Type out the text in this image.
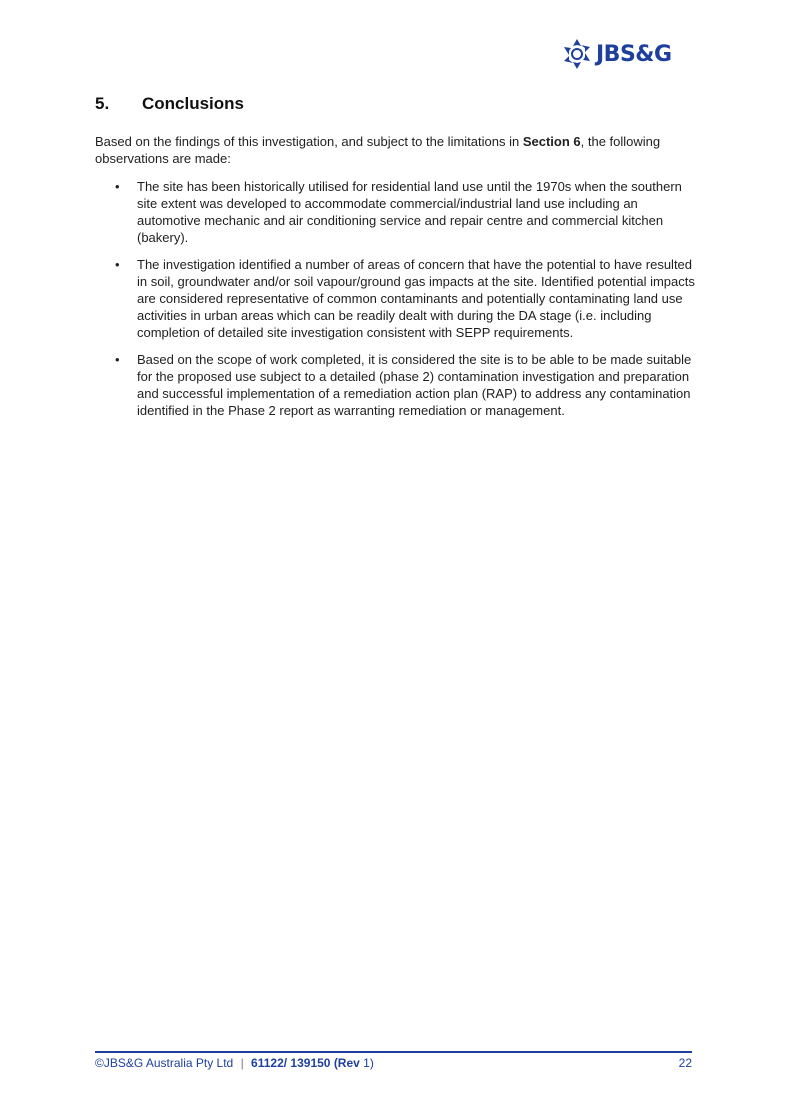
JBS&G
5.	Conclusions
Based on the findings of this investigation, and subject to the limitations in Section 6, the following observations are made:
•	The site has been historically utilised for residential land use until the 1970s when the southern site extent was developed to accommodate commercial/industrial land use including an automotive mechanic and air conditioning service and repair centre and commercial kitchen (bakery).
•	The investigation identified a number of areas of concern that have the potential to have resulted in soil, groundwater and/or soil vapour/ground gas impacts at the site. Identified potential impacts are considered representative of common contaminants and potentially contaminating land use activities in urban areas which can be readily dealt with during the DA stage (i.e. including completion of detailed site investigation consistent with SEPP requirements.
•	Based on the scope of work completed, it is considered the site is to be able to be made suitable for the proposed use subject to a detailed (phase 2) contamination investigation and preparation and successful implementation of a remediation action plan (RAP) to address any contamination identified in the Phase 2 report as warranting remediation or management.
©JBS&G Australia Pty Ltd | 61122/ 139150 (Rev 1)	22
